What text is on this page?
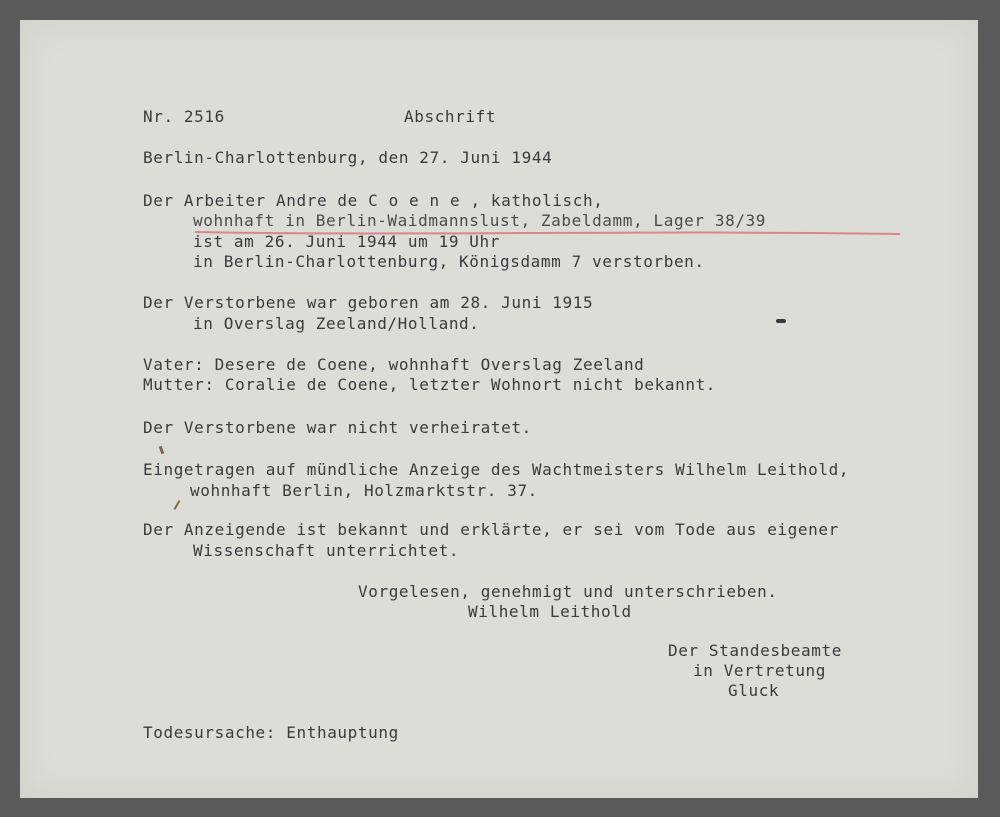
Nr. 2516	Abschrift
Berlin-Charlottenburg, den 27. Juni 1944
Der Arbeiter Andre de C o e n e , katholisch,
wohnhaft in Berlin-Waidmannslust, Zabeldamm, Lager 38/39
ist am 26. Juni 1944 um 19 Uhr
in Berlin-Charlottenburg, Königsdamm 7 verstorben.
Der Verstorbene war geboren am 28. Juni 1915
in Overslag Zeeland/Holland.
Vater: Desere de Coene, wohnhaft Overslag Zeeland
Mutter: Coralie de Coene, letzter Wohnort nicht bekannt.
Der Verstorbene war nicht verheiratet.
Eingetragen auf mündliche Anzeige des Wachtmeisters Wilhelm Leithold,
wohnhaft Berlin, Holzmarktstr. 37.
Der Anzeigende ist bekannt und erklärte, er sei vom Tode aus eigener
Wissenschaft unterrichtet.
Vorgelesen, genehmigt und unterschrieben.
Wilhelm Leithold
Der Standesbeamte
in Vertretung
Gluck
Todesursache: Enthauptung
